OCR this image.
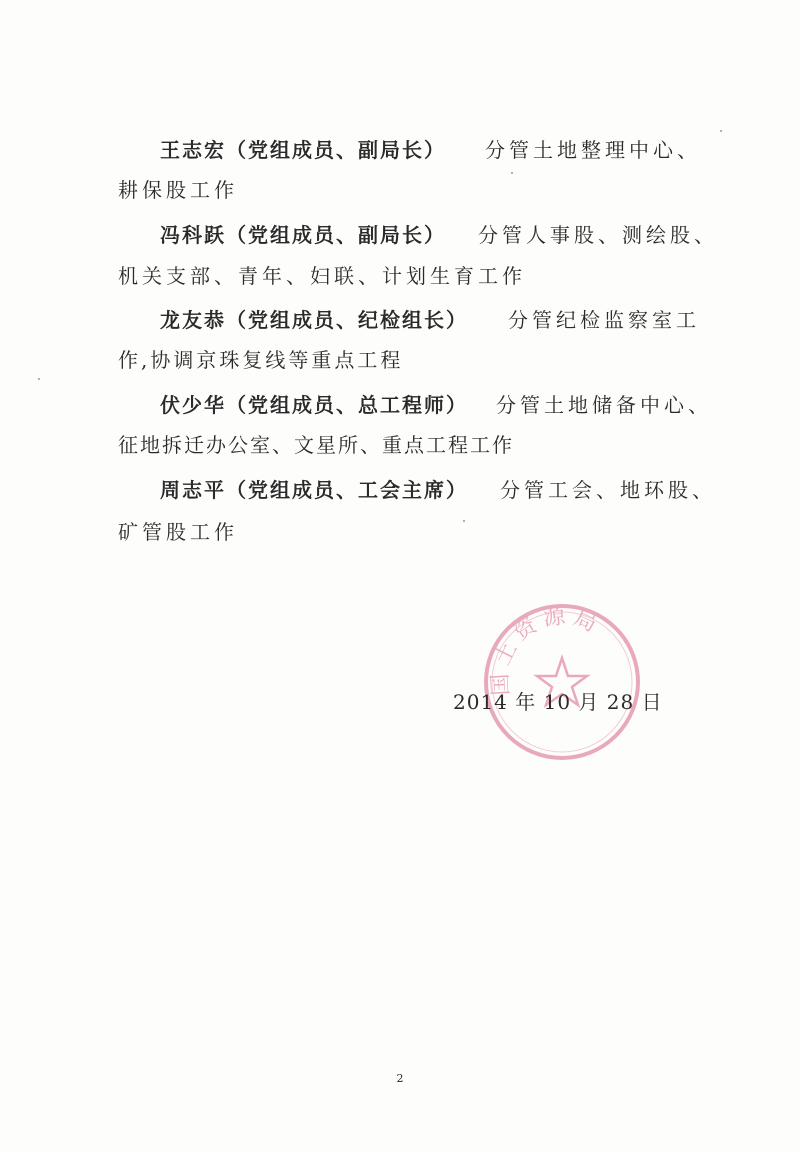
王志宏（党组成员、副局长） 分管土地整理中心、
耕保股工作
冯科跃（党组成员、副局长） 分管人事股、测绘股、
机关支部、青年、妇联、计划生育工作
龙友恭（党组成员、纪检组长） 分管纪检监察室工
作,协调京珠复线等重点工程
伏少华（党组成员、总工程师） 分管土地储备中心、
征地拆迁办公室、文星所、重点工程工作
周志平（党组成员、工会主席） 分管工会、地环股、
矿管股工作
国土资源局
2014 年 10 月 28 日
2
